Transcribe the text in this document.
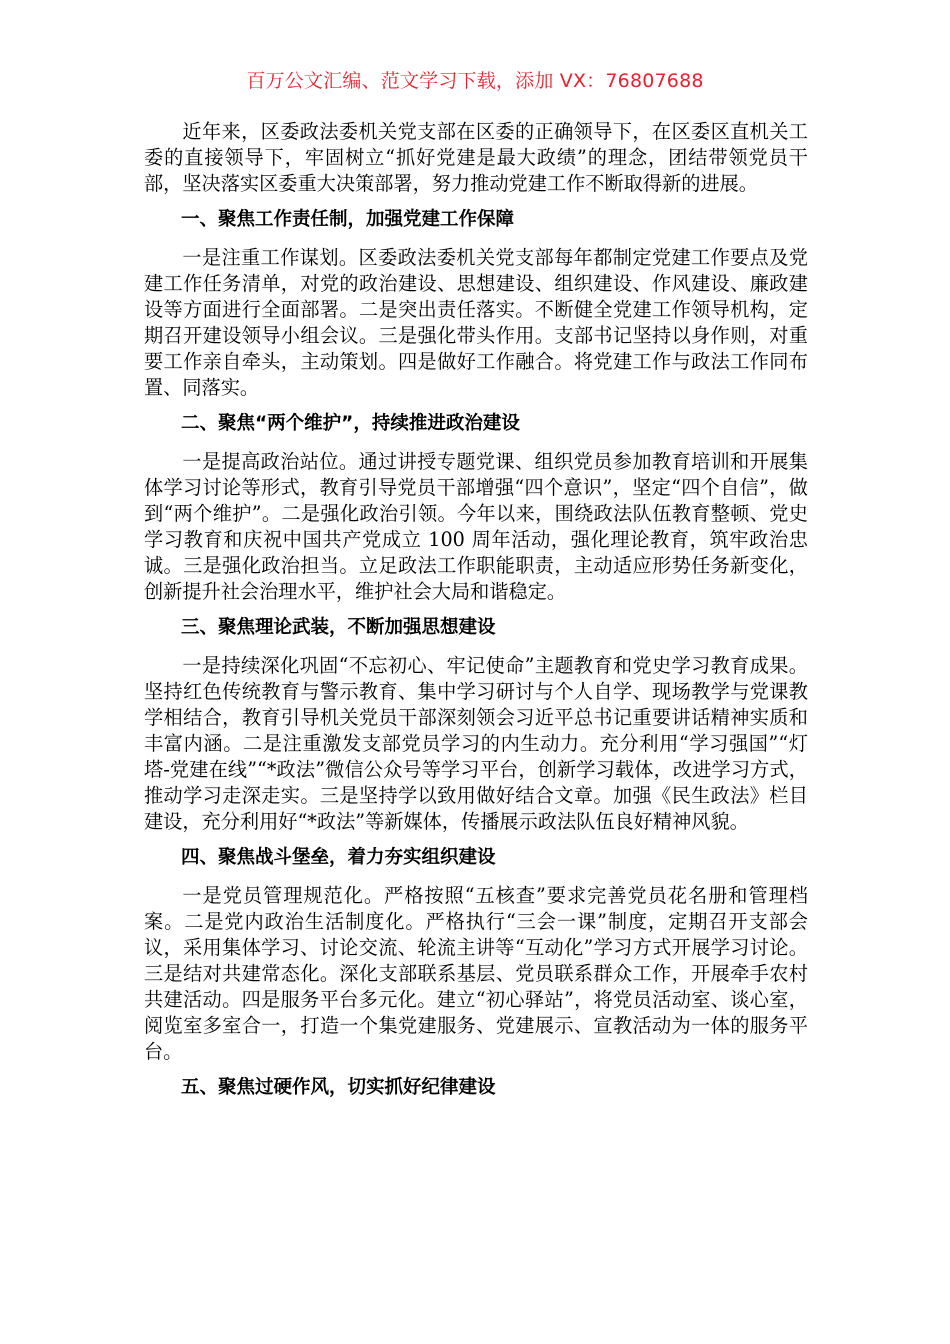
百万公文汇编、范文学习下载，添加 VX：76807688

近年来，区委政法委机关党支部在区委的正确领导下，在区委区直机关工委的直接领导下，牢固树立“抓好党建是最大政绩”的理念，团结带领党员干部，坚决落实区委重大决策部署，努力推动党建工作不断取得新的进展。

一、聚焦工作责任制，加强党建工作保障

一是注重工作谋划。区委政法委机关党支部每年都制定党建工作要点及党建工作任务清单，对党的政治建设、思想建设、组织建设、作风建设、廉政建设等方面进行全面部署。二是突出责任落实。不断健全党建工作领导机构，定期召开建设领导小组会议。三是强化带头作用。支部书记坚持以身作则，对重要工作亲自牵头，主动策划。四是做好工作融合。将党建工作与政法工作同布置、同落实。

二、聚焦“两个维护”，持续推进政治建设

一是提高政治站位。通过讲授专题党课、组织党员参加教育培训和开展集体学习讨论等形式，教育引导党员干部增强“四个意识”，坚定“四个自信”，做到“两个维护”。二是强化政治引领。今年以来，围绕政法队伍教育整顿、党史学习教育和庆祝中国共产党成立 100 周年活动，强化理论教育，筑牢政治忠诚。三是强化政治担当。立足政法工作职能职责，主动适应形势任务新变化，创新提升社会治理水平，维护社会大局和谐稳定。

三、聚焦理论武装，不断加强思想建设

一是持续深化巩固“不忘初心、牢记使命”主题教育和党史学习教育成果。坚持红色传统教育与警示教育、集中学习研讨与个人自学、现场教学与党课教学相结合，教育引导机关党员干部深刻领会习近平总书记重要讲话精神实质和丰富内涵。二是注重激发支部党员学习的内生动力。充分利用“学习强国”“灯塔-党建在线”“*政法”微信公众号等学习平台，创新学习载体，改进学习方式，推动学习走深走实。三是坚持学以致用做好结合文章。加强《民生政法》栏目建设，充分利用好“*政法”等新媒体，传播展示政法队伍良好精神风貌。

四、聚焦战斗堡垒，着力夯实组织建设

一是党员管理规范化。严格按照“五核查”要求完善党员花名册和管理档案。二是党内政治生活制度化。严格执行“三会一课”制度，定期召开支部会议，采用集体学习、讨论交流、轮流主讲等“互动化”学习方式开展学习讨论。三是结对共建常态化。深化支部联系基层、党员联系群众工作，开展牵手农村共建活动。四是服务平台多元化。建立“初心驿站”，将党员活动室、谈心室，阅览室多室合一，打造一个集党建服务、党建展示、宣教活动为一体的服务平台。

五、聚焦过硬作风，切实抓好纪律建设
